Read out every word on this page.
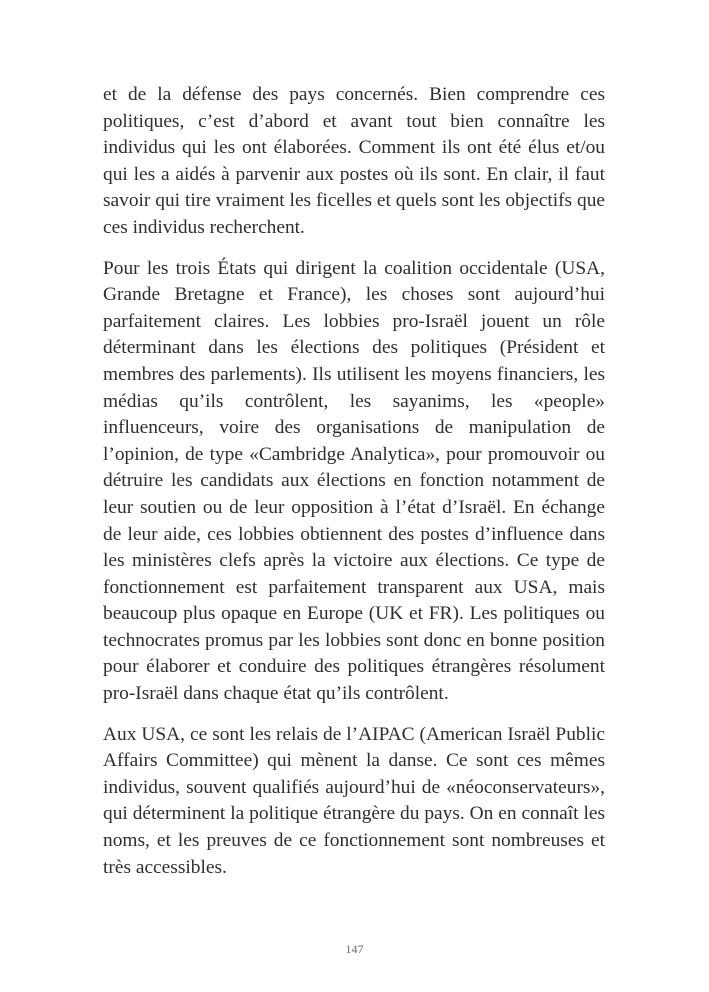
et de la défense des pays concernés. Bien comprendre ces politiques, c’est d’abord et avant tout bien connaître les individus qui les ont élaborées. Comment ils ont été élus et/ou qui les a aidés à parvenir aux postes où ils sont. En clair, il faut savoir qui tire vraiment les ficelles et quels sont les objectifs que ces individus recherchent.

Pour les trois États qui dirigent la coalition occidentale (USA, Grande Bretagne et France), les choses sont aujourd’hui parfaitement claires. Les lobbies pro-Israël jouent un rôle déterminant dans les élections des politiques (Président et membres des parlements). Ils utilisent les moyens financiers, les médias qu’ils contrôlent, les sayanims, les «people» influenceurs, voire des organisations de manipulation de l’opinion, de type «Cambridge Analytica», pour promouvoir ou détruire les candidats aux élections en fonction notamment de leur soutien ou de leur opposition à l’état d’Israël. En échange de leur aide, ces lobbies obtiennent des postes d’influence dans les ministères clefs après la victoire aux élections. Ce type de fonctionnement est parfaitement transparent aux USA, mais beaucoup plus opaque en Europe (UK et FR). Les politiques ou technocrates promus par les lobbies sont donc en bonne position pour élaborer et conduire des politiques étrangères résolument pro-Israël dans chaque état qu’ils contrôlent.

Aux USA, ce sont les relais de l’AIPAC (American Israël Public Affairs Committee) qui mènent la danse. Ce sont ces mêmes individus, souvent qualifiés aujourd’hui de «néoconservateurs», qui déterminent la politique étrangère du pays. On en connaît les noms, et les preuves de ce fonctionnement sont nombreuses et très accessibles.

147
